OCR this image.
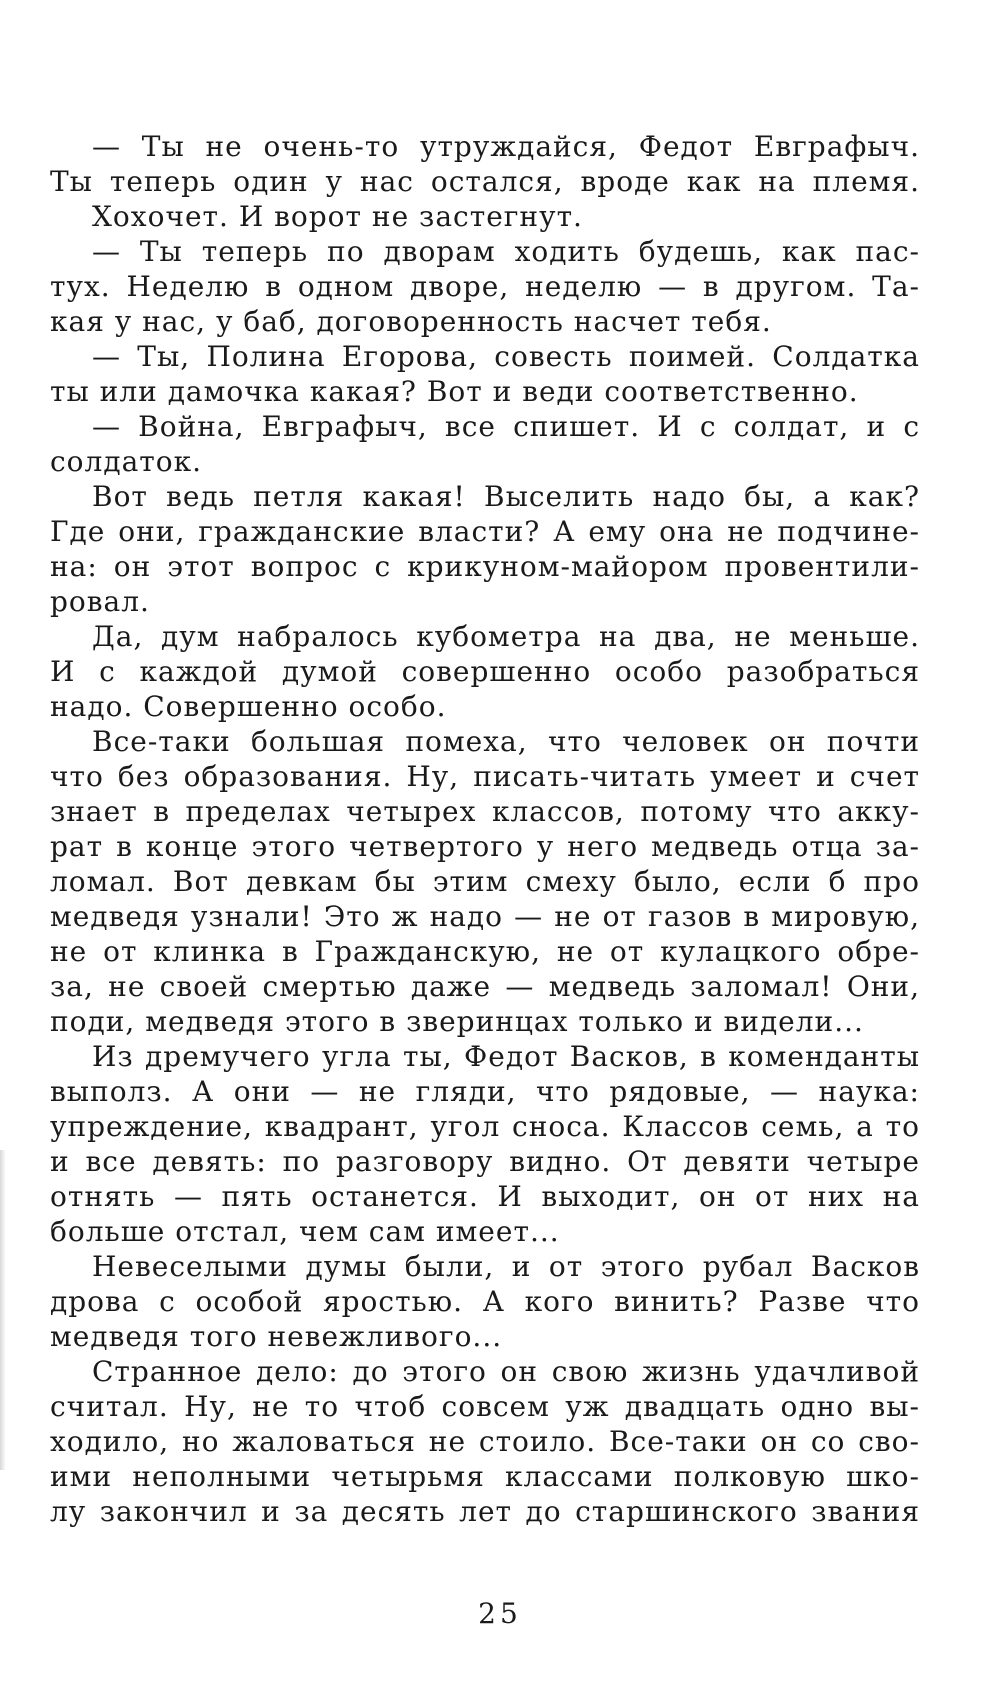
— Ты не очень-то утруждайся, Федот Евграфыч.
Ты теперь один у нас остался, вроде как на племя.
Хохочет. И ворот не застегнут.
— Ты теперь по дворам ходить будешь, как пас-
тух. Неделю в одном дворе, неделю — в другом. Та-
кая у нас, у баб, договоренность насчет тебя.
— Ты, Полина Егорова, совесть поимей. Солдатка
ты или дамочка какая? Вот и веди соответственно.
— Война, Евграфыч, все спишет. И с солдат, и с
солдаток.
Вот ведь петля какая! Выселить надо бы, а как?
Где они, гражданские власти? А ему она не подчине-
на: он этот вопрос с крикуном-майором провентили-
ровал.
Да, дум набралось кубометра на два, не меньше.
И с каждой думой совершенно особо разобраться
надо. Совершенно особо.
Все-таки большая помеха, что человек он почти
что без образования. Ну, писать-читать умеет и счет
знает в пределах четырех классов, потому что акку-
рат в конце этого четвертого у него медведь отца за-
ломал. Вот девкам бы этим смеху было, если б про
медведя узнали! Это ж надо — не от газов в мировую,
не от клинка в Гражданскую, не от кулацкого обре-
за, не своей смертью даже — медведь заломал! Они,
поди, медведя этого в зверинцах только и видели...
Из дремучего угла ты, Федот Васков, в коменданты
выполз. А они — не гляди, что рядовые, — наука:
упреждение, квадрант, угол сноса. Классов семь, а то
и все девять: по разговору видно. От девяти четыре
отнять — пять останется. И выходит, он от них на
больше отстал, чем сам имеет...
Невеселыми думы были, и от этого рубал Васков
дрова с особой яростью. А кого винить? Разве что
медведя того невежливого...
Странное дело: до этого он свою жизнь удачливой
считал. Ну, не то чтоб совсем уж двадцать одно вы-
ходило, но жаловаться не стоило. Все-таки он со сво-
ими неполными четырьмя классами полковую шко-
лу закончил и за десять лет до старшинского звания
25
